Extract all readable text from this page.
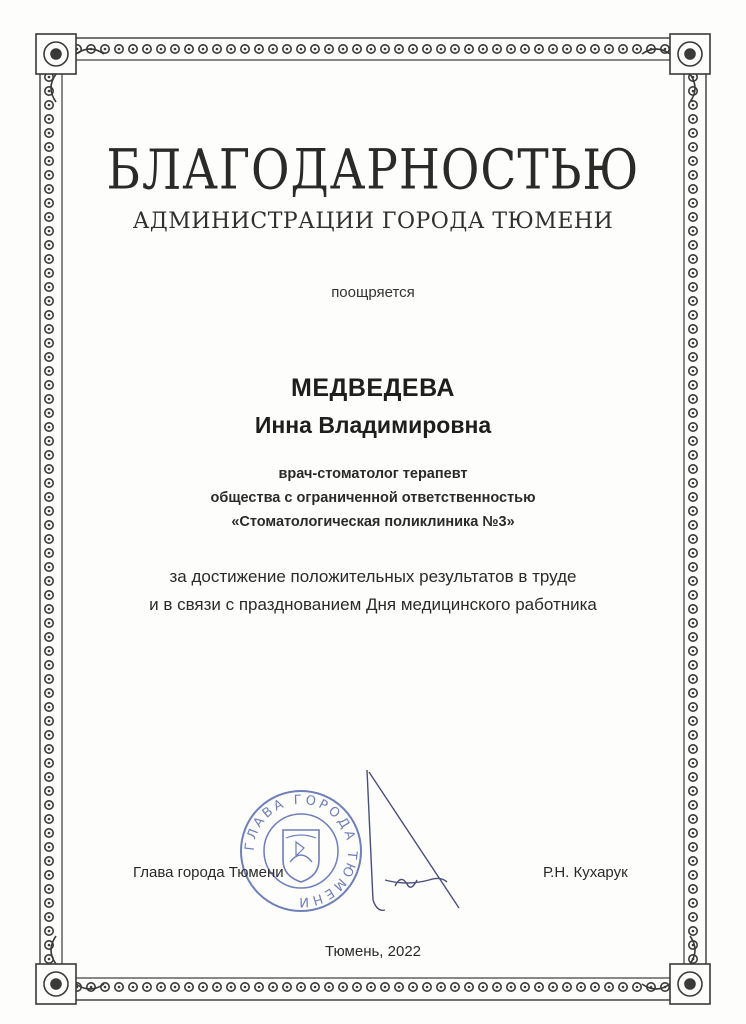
БЛАГОДАРНОСТЬЮ
АДМИНИСТРАЦИИ ГОРОДА ТЮМЕНИ
поощряется
МЕДВЕДЕВА
Инна Владимировна
врач-стоматолог терапевт
общества с ограниченной ответственностью
«Стоматологическая поликлиника №3»
за достижение положительных результатов в труде
и в связи с празднованием Дня медицинского работника
ГЛАВА ГОРОДА ТЮМЕНИ
Глава города Тюмени	Р.Н. Кухарук
Тюмень, 2022
